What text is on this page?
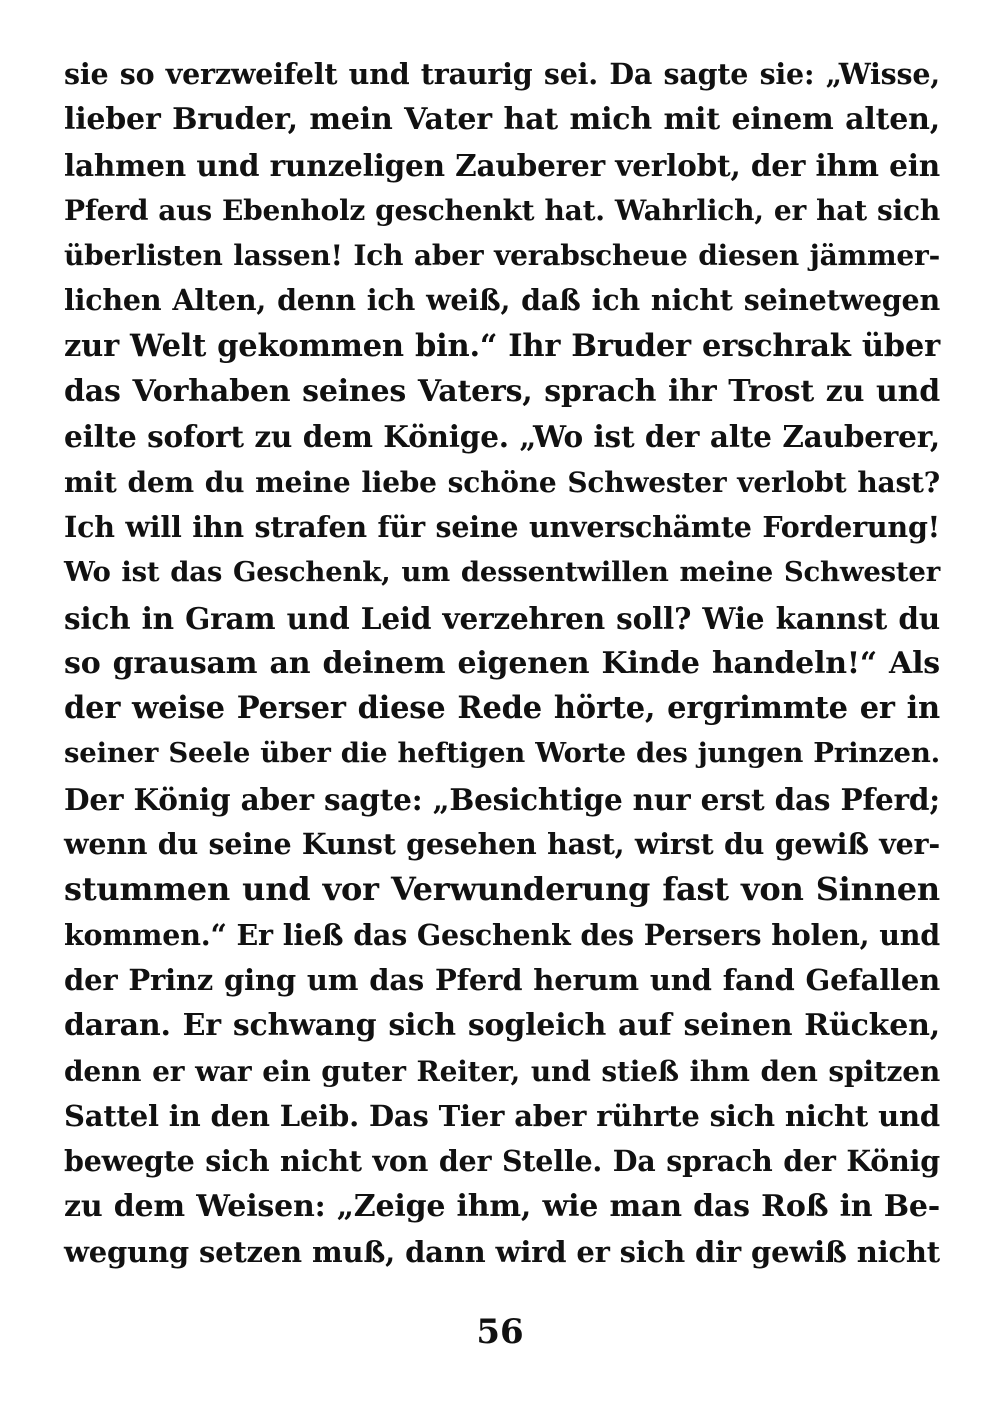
sie so verzweifelt und traurig sei. Da sagte sie: „Wisse,
lieber Bruder, mein Vater hat mich mit einem alten,
lahmen und runzeligen Zauberer verlobt, der ihm ein
Pferd aus Ebenholz geschenkt hat. Wahrlich, er hat sich
überlisten lassen! Ich aber verabscheue diesen jämmer-
lichen Alten, denn ich weiß, daß ich nicht seinetwegen
zur Welt gekommen bin.“ Ihr Bruder erschrak über
das Vorhaben seines Vaters, sprach ihr Trost zu und
eilte sofort zu dem Könige. „Wo ist der alte Zauberer,
mit dem du meine liebe schöne Schwester verlobt hast?
Ich will ihn strafen für seine unverschämte Forderung!
Wo ist das Geschenk, um dessentwillen meine Schwester
sich in Gram und Leid verzehren soll? Wie kannst du
so grausam an deinem eigenen Kinde handeln!“ Als
der weise Perser diese Rede hörte, ergrimmte er in
seiner Seele über die heftigen Worte des jungen Prinzen.
Der König aber sagte: „Besichtige nur erst das Pferd;
wenn du seine Kunst gesehen hast, wirst du gewiß ver-
stummen und vor Verwunderung fast von Sinnen
kommen.“ Er ließ das Geschenk des Persers holen, und
der Prinz ging um das Pferd herum und fand Gefallen
daran. Er schwang sich sogleich auf seinen Rücken,
denn er war ein guter Reiter, und stieß ihm den spitzen
Sattel in den Leib. Das Tier aber rührte sich nicht und
bewegte sich nicht von der Stelle. Da sprach der König
zu dem Weisen: „Zeige ihm, wie man das Roß in Be-
wegung setzen muß, dann wird er sich dir gewiß nicht
56
